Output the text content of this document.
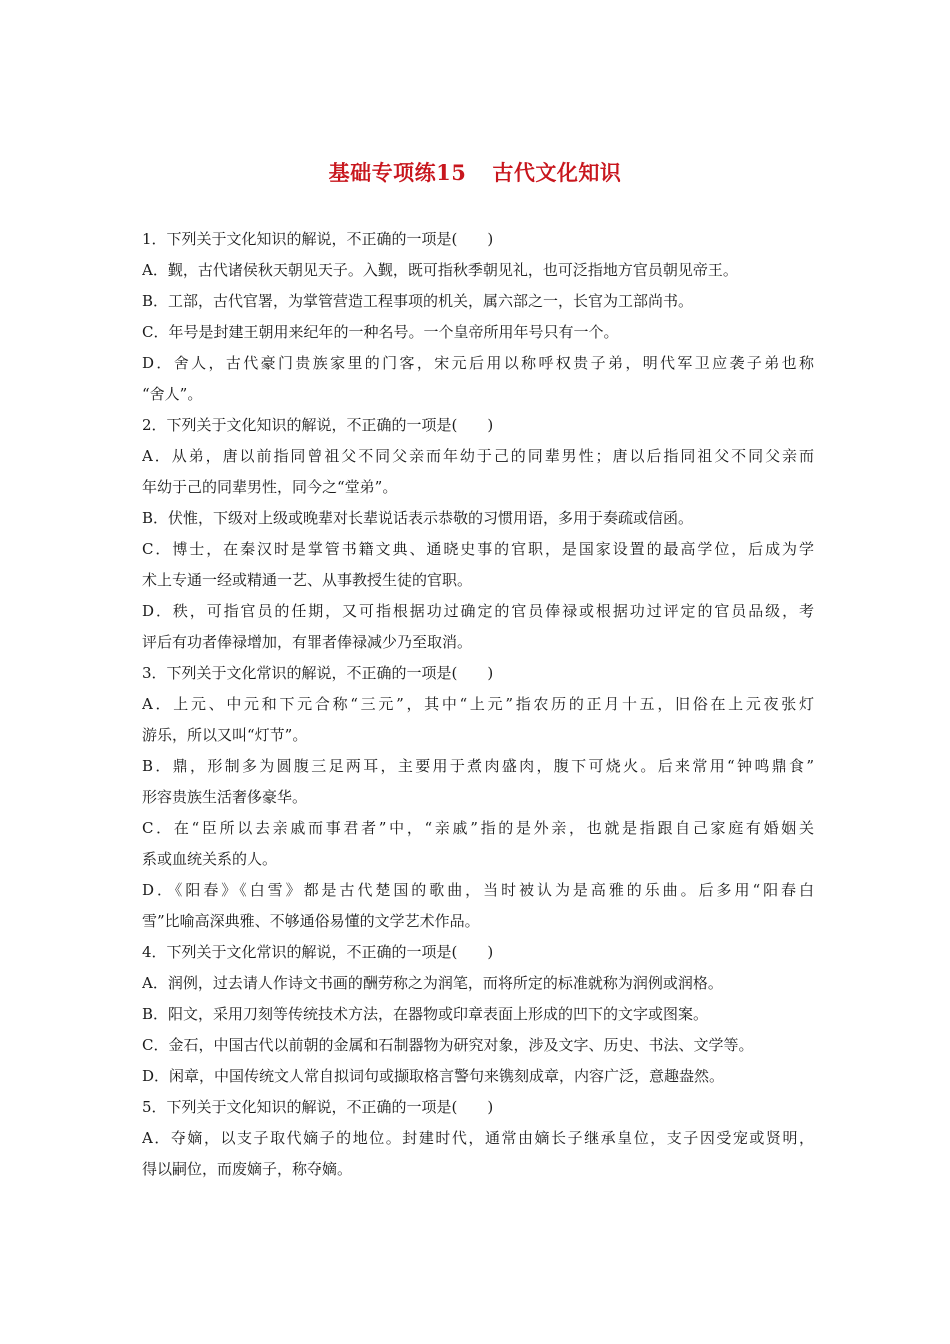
基础专项练15 古代文化知识
1．下列关于文化知识的解说，不正确的一项是(　　)
A．觐，古代诸侯秋天朝见天子。入觐，既可指秋季朝见礼，也可泛指地方官员朝见帝王。
B．工部，古代官署，为掌管营造工程事项的机关，属六部之一，长官为工部尚书。
C．年号是封建王朝用来纪年的一种名号。一个皇帝所用年号只有一个。
D．舍人，古代豪门贵族家里的门客，宋元后用以称呼权贵子弟，明代军卫应袭子弟也称
“舍人”。
2．下列关于文化知识的解说，不正确的一项是(　　)
A．从弟，唐以前指同曾祖父不同父亲而年幼于己的同辈男性；唐以后指同祖父不同父亲而
年幼于己的同辈男性，同今之“堂弟”。
B．伏惟，下级对上级或晚辈对长辈说话表示恭敬的习惯用语，多用于奏疏或信函。
C．博士，在秦汉时是掌管书籍文典、通晓史事的官职，是国家设置的最高学位，后成为学
术上专通一经或精通一艺、从事教授生徒的官职。
D．秩，可指官员的任期，又可指根据功过确定的官员俸禄或根据功过评定的官员品级，考
评后有功者俸禄增加，有罪者俸禄减少乃至取消。
3．下列关于文化常识的解说，不正确的一项是(　　)
A．上元、中元和下元合称“三元”，其中“上元”指农历的正月十五，旧俗在上元夜张灯
游乐，所以又叫“灯节”。
B．鼎，形制多为圆腹三足两耳，主要用于煮肉盛肉，腹下可烧火。后来常用“钟鸣鼎食”
形容贵族生活奢侈豪华。
C．在“臣所以去亲戚而事君者”中，“亲戚”指的是外亲，也就是指跟自己家庭有婚姻关
系或血统关系的人。
D．《阳春》《白雪》都是古代楚国的歌曲，当时被认为是高雅的乐曲。后多用“阳春白
雪”比喻高深典雅、不够通俗易懂的文学艺术作品。
4．下列关于文化常识的解说，不正确的一项是(　　)
A．润例，过去请人作诗文书画的酬劳称之为润笔，而将所定的标准就称为润例或润格。
B．阳文，采用刀刻等传统技术方法，在器物或印章表面上形成的凹下的文字或图案。
C．金石，中国古代以前朝的金属和石制器物为研究对象，涉及文字、历史、书法、文学等。
D．闲章，中国传统文人常自拟词句或撷取格言警句来镌刻成章，内容广泛，意趣盎然。
5．下列关于文化知识的解说，不正确的一项是(　　)
A．夺嫡，以支子取代嫡子的地位。封建时代，通常由嫡长子继承皇位，支子因受宠或贤明，
得以嗣位，而废嫡子，称夺嫡。
